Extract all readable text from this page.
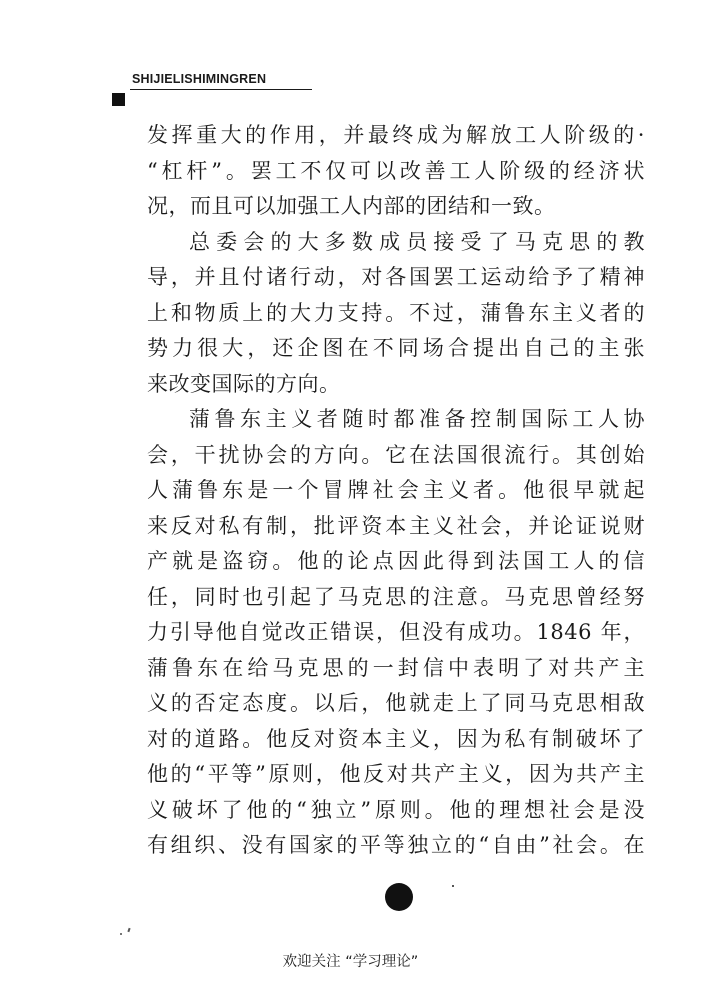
SHIJIELISHIMINGREN
发挥重大的作用，并最终成为解放工人阶级的·
“杠杆”。罢工不仅可以改善工人阶级的经济状
况，而且可以加强工人内部的团结和一致。
总委会的大多数成员接受了马克思的教
导，并且付诸行动，对各国罢工运动给予了精神
上和物质上的大力支持。不过，蒲鲁东主义者的
势力很大，还企图在不同场合提出自己的主张
来改变国际的方向。
蒲鲁东主义者随时都准备控制国际工人协
会，干扰协会的方向。它在法国很流行。其创始
人蒲鲁东是一个冒牌社会主义者。他很早就起
来反对私有制，批评资本主义社会，并论证说财
产就是盗窃。他的论点因此得到法国工人的信
任，同时也引起了马克思的注意。马克思曾经努
力引导他自觉改正错误，但没有成功。1846 年，
蒲鲁东在给马克思的一封信中表明了对共产主
义的否定态度。以后，他就走上了同马克思相敌
对的道路。他反对资本主义，因为私有制破坏了
他的“平等”原则，他反对共产主义，因为共产主
义破坏了他的“独立”原则。他的理想社会是没
有组织、没有国家的平等独立的“自由”社会。在
欢迎关注 “学习理论”
